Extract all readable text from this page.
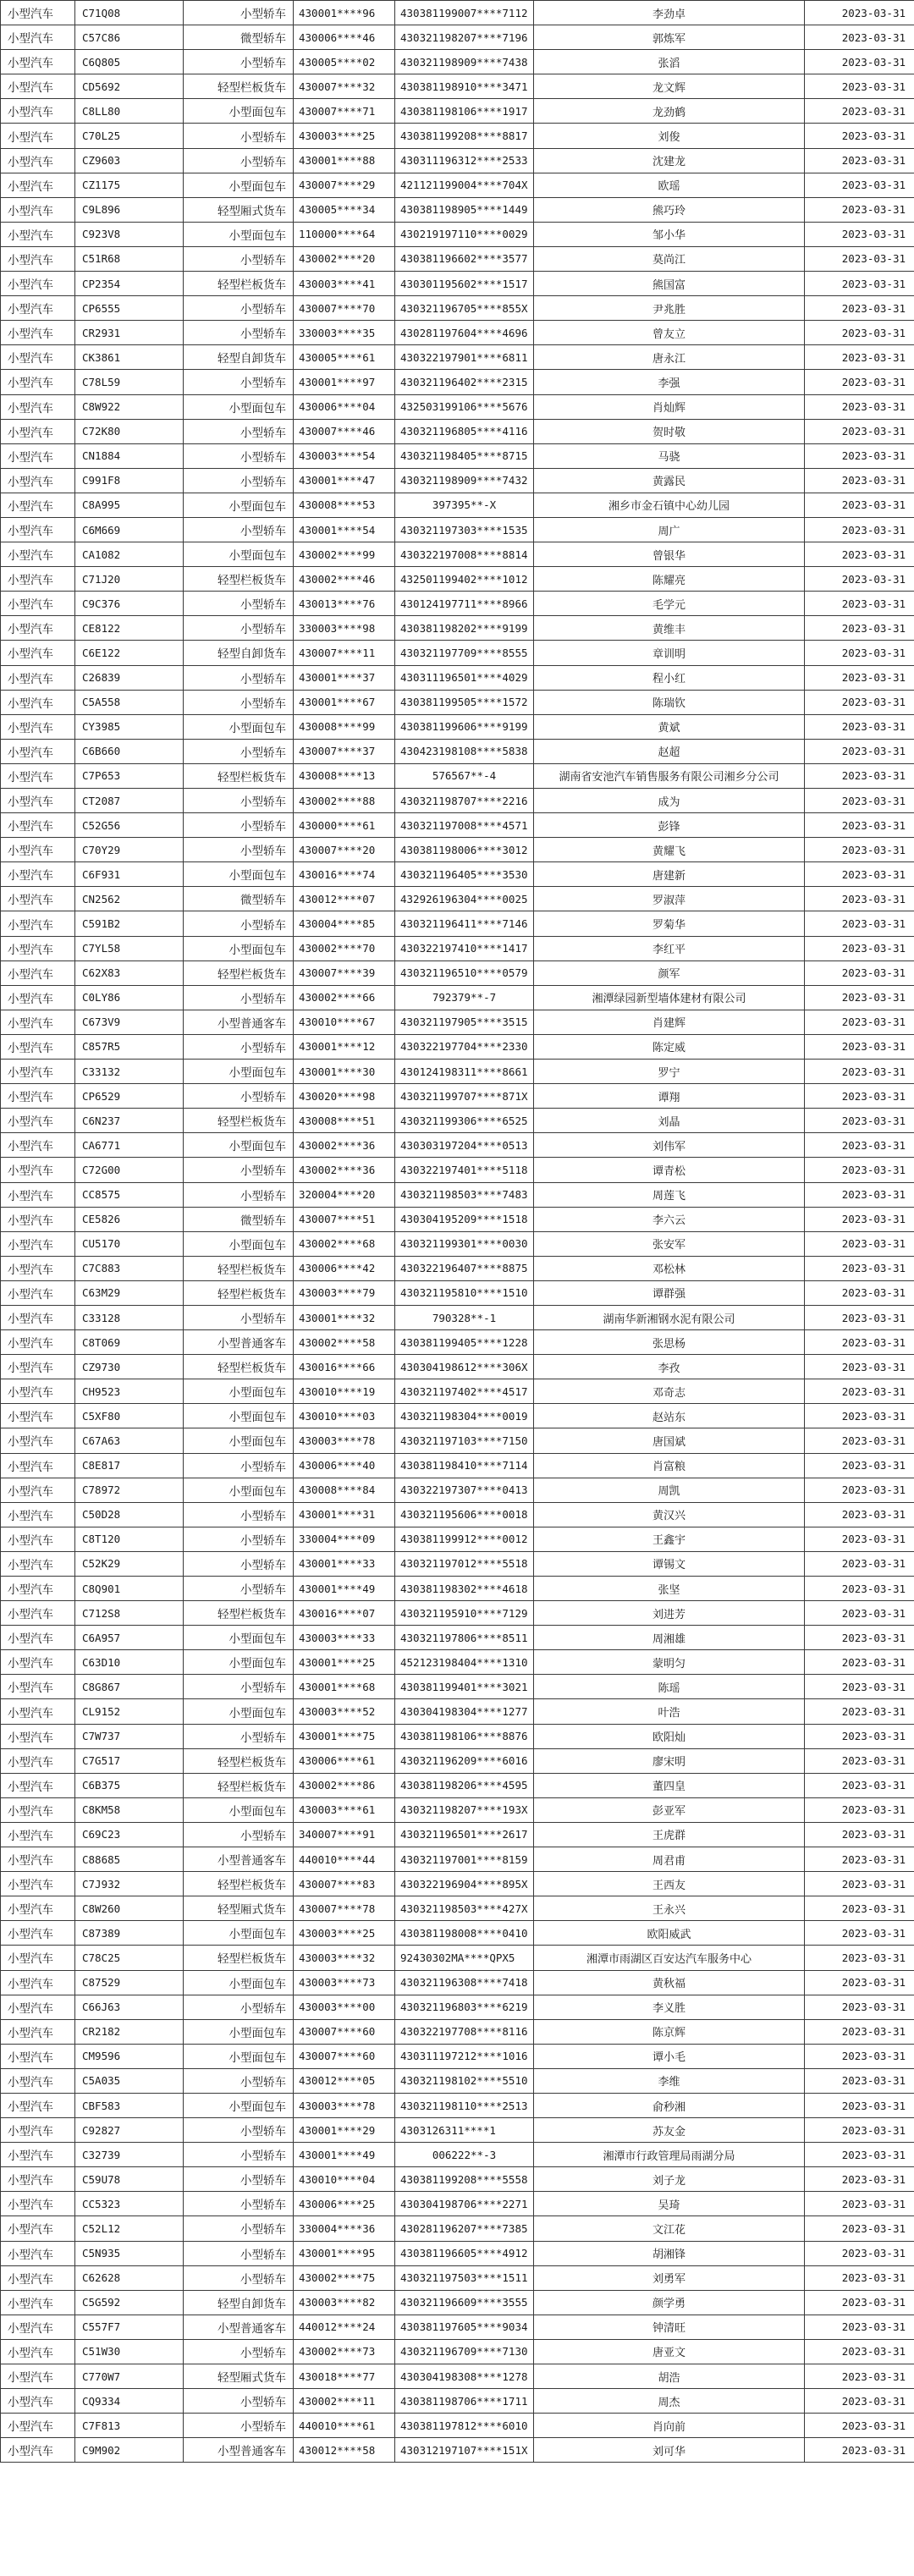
小型汽车	C71Q08	小型轿车	430001****96	430381199007****7112	李劲卓	2023-03-31
小型汽车	C57C86	微型轿车	430006****46	430321198207****7196	郭炼军	2023-03-31
小型汽车	C6Q805	小型轿车	430005****02	430321198909****7438	张滔	2023-03-31
小型汽车	CD5692	轻型栏板货车	430007****32	430381198910****3471	龙文辉	2023-03-31
小型汽车	C8LL80	小型面包车	430007****71	430381198106****1917	龙劲鹤	2023-03-31
小型汽车	C70L25	小型轿车	430003****25	430381199208****8817	刘俊	2023-03-31
小型汽车	CZ9603	小型轿车	430001****88	430311196312****2533	沈建龙	2023-03-31
小型汽车	CZ1175	小型面包车	430007****29	421121199004****704X	欧瑶	2023-03-31
小型汽车	C9L896	轻型厢式货车	430005****34	430381198905****1449	熊巧玲	2023-03-31
小型汽车	C923V8	小型面包车	110000****64	430219197110****0029	邹小华	2023-03-31
小型汽车	C51R68	小型轿车	430002****20	430381196602****3577	莫尚江	2023-03-31
小型汽车	CP2354	轻型栏板货车	430003****41	430301195602****1517	熊国富	2023-03-31
小型汽车	CP6555	小型轿车	430007****70	430321196705****855X	尹兆胜	2023-03-31
小型汽车	CR2931	小型轿车	330003****35	430281197604****4696	曾友立	2023-03-31
小型汽车	CK3861	轻型自卸货车	430005****61	430322197901****6811	唐永江	2023-03-31
小型汽车	C78L59	小型轿车	430001****97	430321196402****2315	李强	2023-03-31
小型汽车	C8W922	小型面包车	430006****04	432503199106****5676	肖灿辉	2023-03-31
小型汽车	C72K80	小型轿车	430007****46	430321196805****4116	贺时敬	2023-03-31
小型汽车	CN1884	小型轿车	430003****54	430321198405****8715	马骁	2023-03-31
小型汽车	C991F8	小型轿车	430001****47	430321198909****7432	黄露民	2023-03-31
小型汽车	C8A995	小型面包车	430008****53	397395**-X	湘乡市金石镇中心幼儿园	2023-03-31
小型汽车	C6M669	小型轿车	430001****54	430321197303****1535	周广	2023-03-31
小型汽车	CA1082	小型面包车	430002****99	430322197008****8814	曾银华	2023-03-31
小型汽车	C71J20	轻型栏板货车	430002****46	432501199402****1012	陈耀亮	2023-03-31
小型汽车	C9C376	小型轿车	430013****76	430124197711****8966	毛学元	2023-03-31
小型汽车	CE8122	小型轿车	330003****98	430381198202****9199	黄维丰	2023-03-31
小型汽车	C6E122	轻型自卸货车	430007****11	430321197709****8555	章训明	2023-03-31
小型汽车	C26839	小型轿车	430001****37	430311196501****4029	程小红	2023-03-31
小型汽车	C5A558	小型轿车	430001****67	430381199505****1572	陈瑞钦	2023-03-31
小型汽车	CY3985	小型面包车	430008****99	430381199606****9199	黄斌	2023-03-31
小型汽车	C6B660	小型轿车	430007****37	430423198108****5838	赵超	2023-03-31
小型汽车	C7P653	轻型栏板货车	430008****13	576567**-4	湖南省安池汽车销售服务有限公司湘乡分公司	2023-03-31
小型汽车	CT2087	小型轿车	430002****88	430321198707****2216	成为	2023-03-31
小型汽车	C52G56	小型轿车	430000****61	430321197008****4571	彭锋	2023-03-31
小型汽车	C70Y29	小型轿车	430007****20	430381198006****3012	黄耀飞	2023-03-31
小型汽车	C6F931	小型面包车	430016****74	430321196405****3530	唐建新	2023-03-31
小型汽车	CN2562	微型轿车	430012****07	432926196304****0025	罗淑萍	2023-03-31
小型汽车	C591B2	小型轿车	430004****85	430321196411****7146	罗菊华	2023-03-31
小型汽车	C7YL58	小型面包车	430002****70	430322197410****1417	李红平	2023-03-31
小型汽车	C62X83	轻型栏板货车	430007****39	430321196510****0579	颜军	2023-03-31
小型汽车	C0LY86	小型轿车	430002****66	792379**-7	湘潭绿园新型墙体建材有限公司	2023-03-31
小型汽车	C673V9	小型普通客车	430010****67	430321197905****3515	肖建辉	2023-03-31
小型汽车	C857R5	小型轿车	430001****12	430322197704****2330	陈定威	2023-03-31
小型汽车	C33132	小型面包车	430001****30	430124198311****8661	罗宁	2023-03-31
小型汽车	CP6529	小型轿车	430020****98	430321199707****871X	谭翔	2023-03-31
小型汽车	C6N237	轻型栏板货车	430008****51	430321199306****6525	刘晶	2023-03-31
小型汽车	CA6771	小型面包车	430002****36	430303197204****0513	刘伟军	2023-03-31
小型汽车	C72G00	小型轿车	430002****36	430322197401****5118	谭青松	2023-03-31
小型汽车	CC8575	小型轿车	320004****20	430321198503****7483	周莲飞	2023-03-31
小型汽车	CE5826	微型轿车	430007****51	430304195209****1518	李六云	2023-03-31
小型汽车	CU5170	小型面包车	430002****68	430321199301****0030	张安军	2023-03-31
小型汽车	C7C883	轻型栏板货车	430006****42	430322196407****8875	邓松林	2023-03-31
小型汽车	C63M29	轻型栏板货车	430003****79	430321195810****1510	谭群强	2023-03-31
小型汽车	C33128	小型轿车	430001****32	790328**-1	湖南华新湘钢水泥有限公司	2023-03-31
小型汽车	C8T069	小型普通客车	430002****58	430381199405****1228	张思杨	2023-03-31
小型汽车	CZ9730	轻型栏板货车	430016****66	430304198612****306X	李孜	2023-03-31
小型汽车	CH9523	小型面包车	430010****19	430321197402****4517	邓奇志	2023-03-31
小型汽车	C5XF80	小型面包车	430010****03	430321198304****0019	赵站东	2023-03-31
小型汽车	C67A63	小型面包车	430003****78	430321197103****7150	唐国斌	2023-03-31
小型汽车	C8E817	小型轿车	430006****40	430381198410****7114	肖富粮	2023-03-31
小型汽车	C78972	小型面包车	430008****84	430322197307****0413	周凯	2023-03-31
小型汽车	C50D28	小型轿车	430001****31	430321195606****0018	黄汉兴	2023-03-31
小型汽车	C8T120	小型轿车	330004****09	430381199912****0012	王鑫宇	2023-03-31
小型汽车	C52K29	小型轿车	430001****33	430321197012****5518	谭锡文	2023-03-31
小型汽车	C8Q901	小型轿车	430001****49	430381198302****4618	张坚	2023-03-31
小型汽车	C712S8	轻型栏板货车	430016****07	430321195910****7129	刘进芳	2023-03-31
小型汽车	C6A957	小型面包车	430003****33	430321197806****8511	周湘雄	2023-03-31
小型汽车	C63D10	小型面包车	430001****25	452123198404****1310	蒙明匀	2023-03-31
小型汽车	C8G867	小型轿车	430001****68	430381199401****3021	陈瑶	2023-03-31
小型汽车	CL9152	小型面包车	430003****52	430304198304****1277	叶浩	2023-03-31
小型汽车	C7W737	小型轿车	430001****75	430381198106****8876	欧阳灿	2023-03-31
小型汽车	C7G517	轻型栏板货车	430006****61	430321196209****6016	廖宋明	2023-03-31
小型汽车	C6B375	轻型栏板货车	430002****86	430381198206****4595	董四皇	2023-03-31
小型汽车	C8KM58	小型面包车	430003****61	430321198207****193X	彭亚军	2023-03-31
小型汽车	C69C23	小型轿车	340007****91	430321196501****2617	王虎群	2023-03-31
小型汽车	C88685	小型普通客车	440010****44	430321197001****8159	周君甫	2023-03-31
小型汽车	C7J932	轻型栏板货车	430007****83	430322196904****895X	王西友	2023-03-31
小型汽车	C8W260	轻型厢式货车	430007****78	430321198503****427X	王永兴	2023-03-31
小型汽车	C87389	小型面包车	430003****25	430381198008****0410	欧阳威武	2023-03-31
小型汽车	C78C25	轻型栏板货车	430003****32	92430302MA****QPX5	湘潭市雨湖区百安达汽车服务中心	2023-03-31
小型汽车	C87529	小型面包车	430003****73	430321196308****7418	黄秋福	2023-03-31
小型汽车	C66J63	小型轿车	430003****00	430321196803****6219	李义胜	2023-03-31
小型汽车	CR2182	小型面包车	430007****60	430322197708****8116	陈京辉	2023-03-31
小型汽车	CM9596	小型面包车	430007****60	430311197212****1016	谭小毛	2023-03-31
小型汽车	C5A035	小型轿车	430012****05	430321198102****5510	李维	2023-03-31
小型汽车	CBF583	小型面包车	430003****78	430321198110****2513	俞秒湘	2023-03-31
小型汽车	C92827	小型轿车	430001****29	4303126311****1	苏友金	2023-03-31
小型汽车	C32739	小型轿车	430001****49	006222**-3	湘潭市行政管理局雨湖分局	2023-03-31
小型汽车	C59U78	小型轿车	430010****04	430381199208****5558	刘子龙	2023-03-31
小型汽车	CC5323	小型轿车	430006****25	430304198706****2271	吴琦	2023-03-31
小型汽车	C52L12	小型轿车	330004****36	430281196207****7385	文江花	2023-03-31
小型汽车	C5N935	小型轿车	430001****95	430381196605****4912	胡湘锋	2023-03-31
小型汽车	C62628	小型轿车	430002****75	430321197503****1511	刘勇军	2023-03-31
小型汽车	C5G592	轻型自卸货车	430003****82	430321196609****3555	颜学勇	2023-03-31
小型汽车	C557F7	小型普通客车	440012****24	430381197605****9034	钟清旺	2023-03-31
小型汽车	C51W30	小型轿车	430002****73	430321196709****7130	唐亚文	2023-03-31
小型汽车	C770W7	轻型厢式货车	430018****77	430304198308****1278	胡浩	2023-03-31
小型汽车	CQ9334	小型轿车	430002****11	430381198706****1711	周杰	2023-03-31
小型汽车	C7F813	小型轿车	440010****61	430381197812****6010	肖向前	2023-03-31
小型汽车	C9M902	小型普通客车	430012****58	430312197107****151X	刘可华	2023-03-31
